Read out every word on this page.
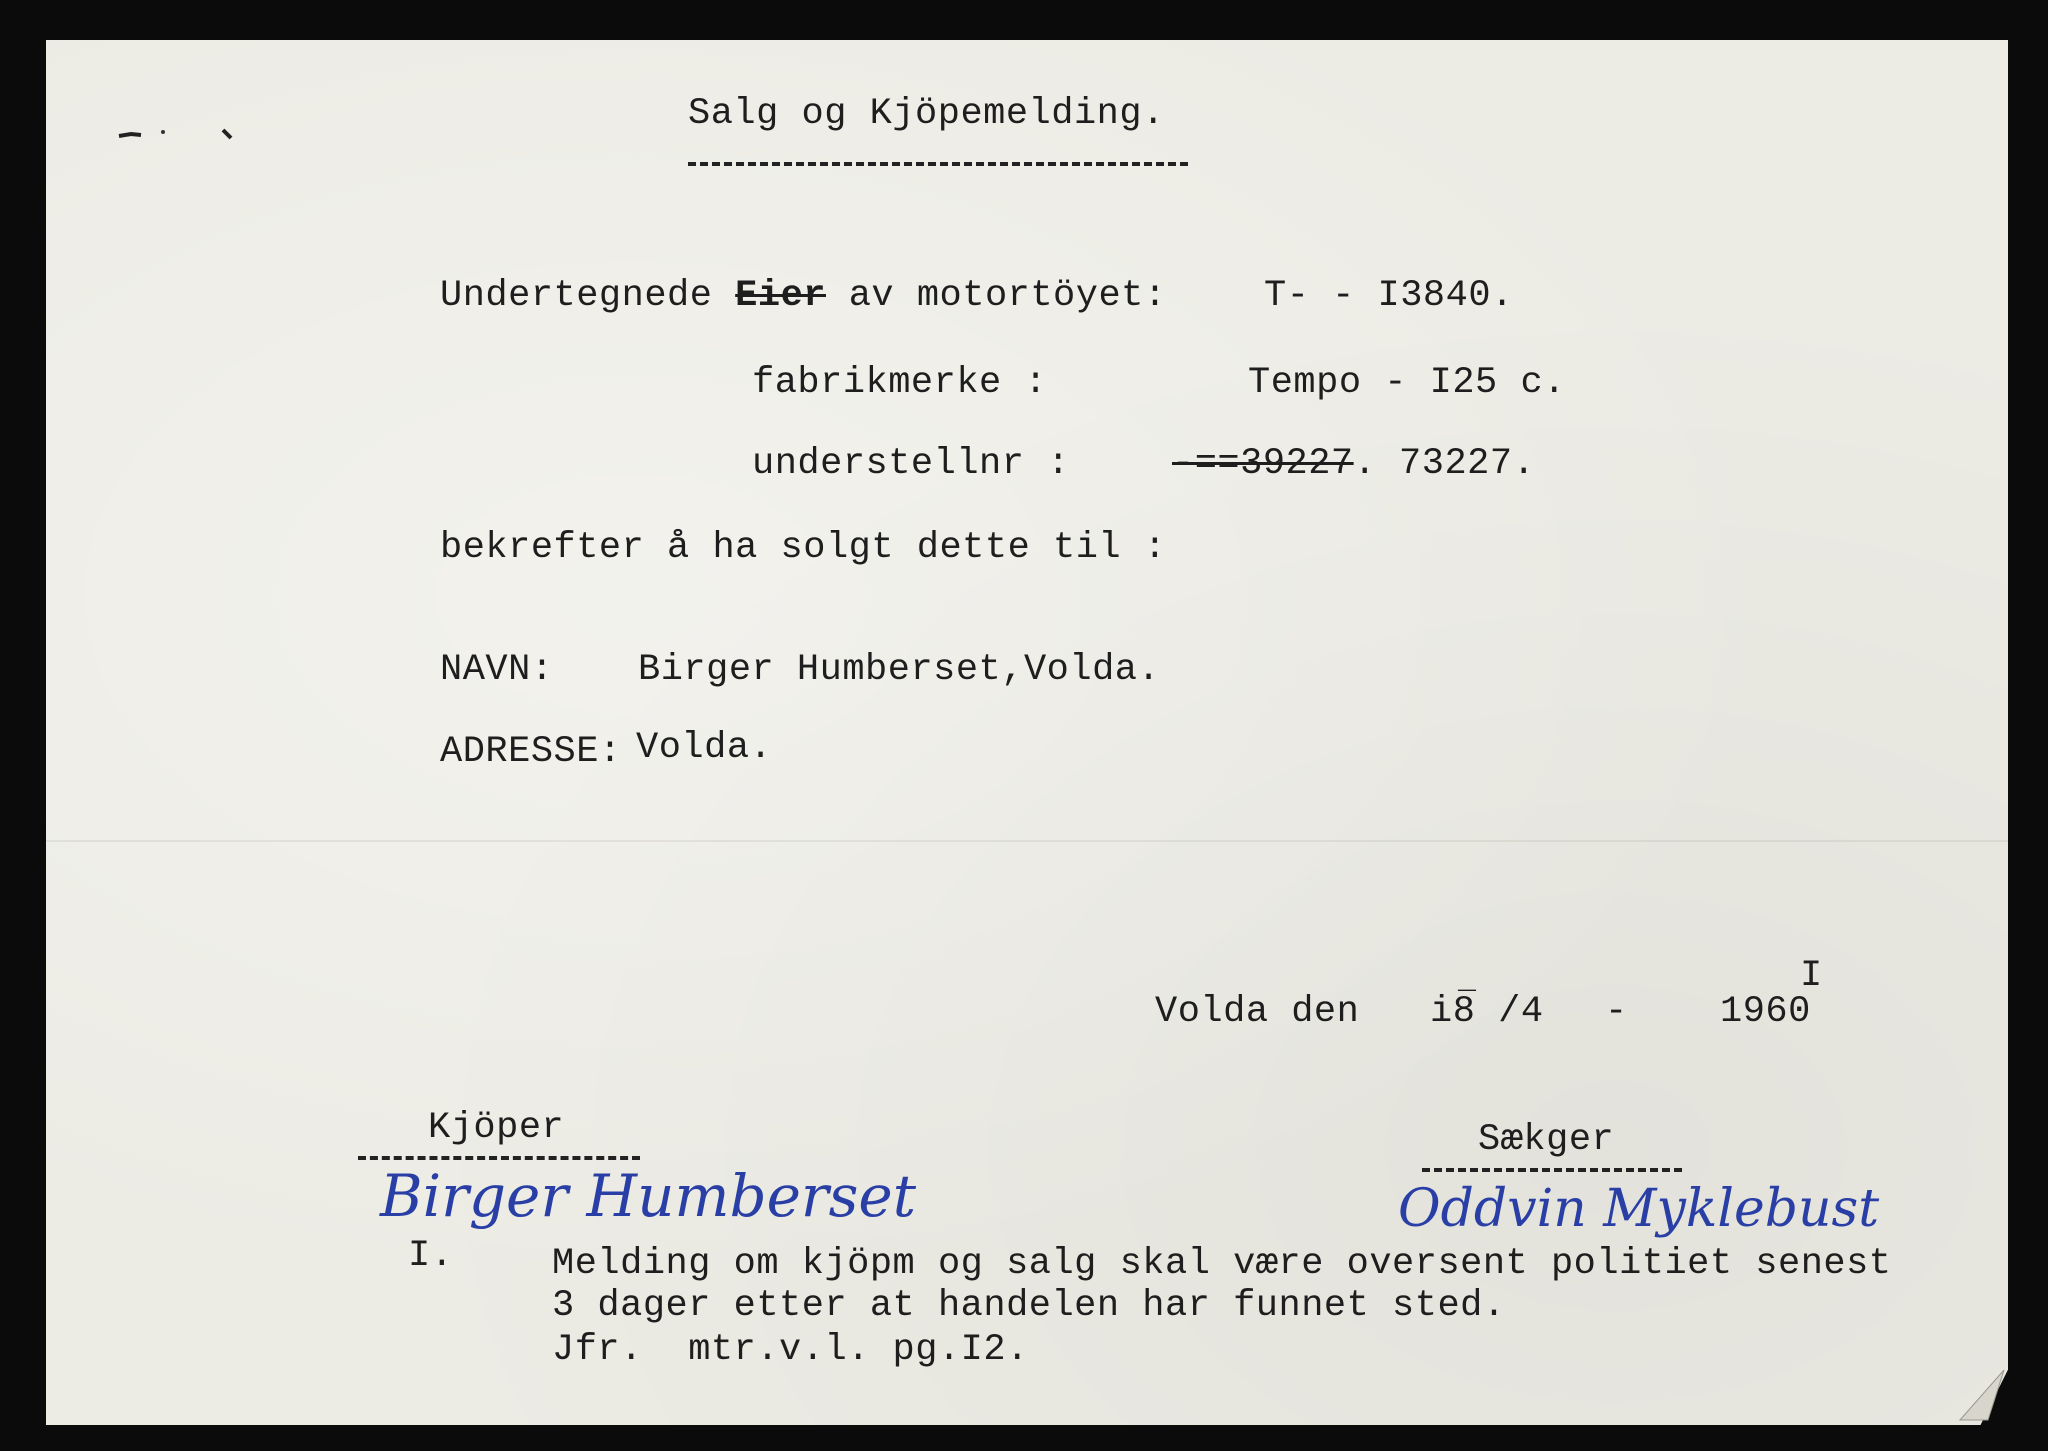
Salg og Kjöpemelding.
Undertegnede Eier av motortöyet:	T- - I3840.
fabrikmerke :	Tempo - I25 c.
understellnr :	-==39227. 73227.
bekrefter å ha solgt dette til :
NAVN: Birger Humberset,Volda.
ADRESSE: Volda.
Volda den i8 /4
_
- 1960
I
Kjöper
Birger Humberset
Sækger
Oddvin Myklebust
I.	Melding om kjöpm og salg skal være oversent politiet senest
3 dager etter at handelen har funnet sted.
Jfr.  mtr.v.l. pg.I2.
